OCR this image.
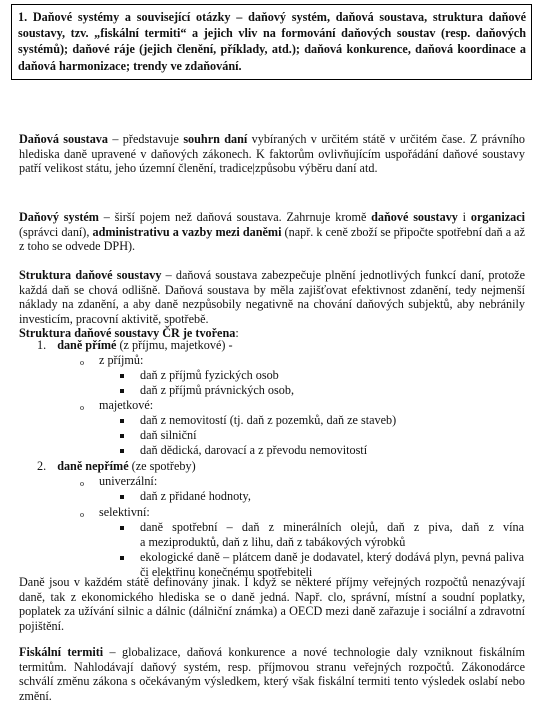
1. Daňové systémy a související otázky – daňový systém, daňová soustava, struktura daňové soustavy, tzv. „fiskální termiti“ a jejich vliv na formování daňových soustav (resp. daňových systémů); daňové ráje (jejich členění, příklady, atd.); daňová konkurence, daňová koordinace a daňová harmonizace; trendy ve zdaňování.

Daňová soustava – představuje souhrn daní vybíraných v určitém státě v určitém čase. Z právního hlediska daně upravené v daňových zákonech. K faktorům ovlivňujícím uspořádání daňové soustavy patří velikost státu, jeho územní členění, tradice|způsobu výběru daní atd.

Daňový systém – širší pojem než daňová soustava. Zahrnuje kromě daňové soustavy i organizaci (správci daní), administrativu a vazby mezi daněmi (např. k ceně zboží se připočte spotřební daň a až z toho se odvede DPH).

Struktura daňové soustavy – daňová soustava zabezpečuje plnění jednotlivých funkcí daní, protože každá daň se chová odlišně. Daňová soustava by měla zajišťovat efektivnost zdanění, tedy nejmenší náklady na zdanění, a aby daně nezpůsobily negativně na chování daňových subjektů, aby nebránily investicím, pracovní aktivitě, spotřebě.

Struktura daňové soustavy ČR je tvořena:

1. daně přímé (z příjmu, majetkové) -
o z příjmů:
daň z příjmů fyzických osob
daň z příjmů právnických osob,
o majetkové:
daň z nemovitostí (tj. daň z pozemků, daň ze staveb)
daň silniční
daň dědická, darovací a z převodu nemovitostí
2. daně nepřímé (ze spotřeby)
o univerzální:
daň z přidané hodnoty,
o selektivní:
daně spotřební – daň z minerálních olejů, daň z piva, daň z vína
a meziproduktů, daň z lihu, daň z tabákových výrobků
ekologické daně – plátcem daně je dodavatel, který dodává plyn, pevná paliva
či elektřinu konečnému spotřebiteli

Daně jsou v každém státě definovány jinak. I když se některé příjmy veřejných rozpočtů nenazývají daně, tak z ekonomického hlediska se o daně jedná. Např. clo, správní, místní a soudní poplatky, poplatek za užívání silnic a dálnic (dálniční známka) a OECD mezi daně zařazuje i sociální a zdravotní pojištění.

Fiskální termiti – globalizace, daňová konkurence a nové technologie daly vzniknout fiskálním termitům. Nahlodávají daňový systém, resp. příjmovou stranu veřejných rozpočtů. Zákonodárce schválí změnu zákona s očekávaným výsledkem, který však fiskální termiti tento výsledek oslabí nebo změní.
